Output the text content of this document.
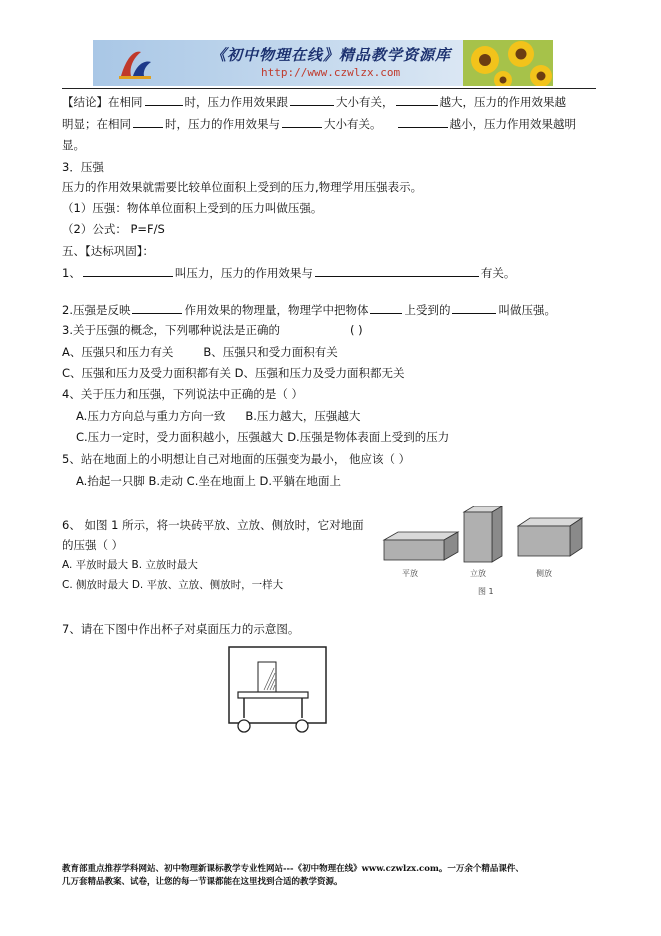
《初中物理在线》精品教学资源库
http://www.czwlzx.com
【结论】在相同	时，压力作用效果跟	大小有关，	越大，压力的作用效果越
明显；在相同	时，压力的作用效果与	大小有关。	越小，压力作用效果越明
显。
3．压强
压力的作用效果就需要比较单位面积上受到的压力,物理学用压强表示。
（1）压强：物体单位面积上受到的压力叫做压强。
（2）公式： P=F/S
五、【达标巩固】：
1、	叫压力，压力的作用效果与	有关。
2.压强是反映	作用效果的物理量，物理学中把物体	上受到的	叫做压强。
3.关于压强的概念，下列哪种说法是正确的	( )
A、压强只和压力有关	B、压强只和受力面积有关
C、压强和压力及受力面积都有关 D、压强和压力及受力面积都无关
4、关于压力和压强，下列说法中正确的是（ ）
A.压力方向总与重力方向一致 B.压力越大，压强越大
C.压力一定时，受力面积越小，压强越大 D.压强是物体表面上受到的压力
5、站在地面上的小明想让自己对地面的压强变为最小， 他应该（ ）
A.抬起一只脚 B.走动 C.坐在地面上 D.平躺在地面上
6、 如图 1 所示，将一块砖平放、立放、侧放时，它对地面
的压强（ ）
A. 平放时最大 B. 立放时最大
C. 侧放时最大 D. 平放、立放、侧放时，一样大
平放	立放	侧放
图 1
7、请在下图中作出杯子对桌面压力的示意图。
教育部重点推荐学科网站、初中物理新课标教学专业性网站---《初中物理在线》www.czwlzx.com。一万余个精品课件、
几万套精品教案、试卷，让您的每一节课都能在这里找到合适的教学资源。
